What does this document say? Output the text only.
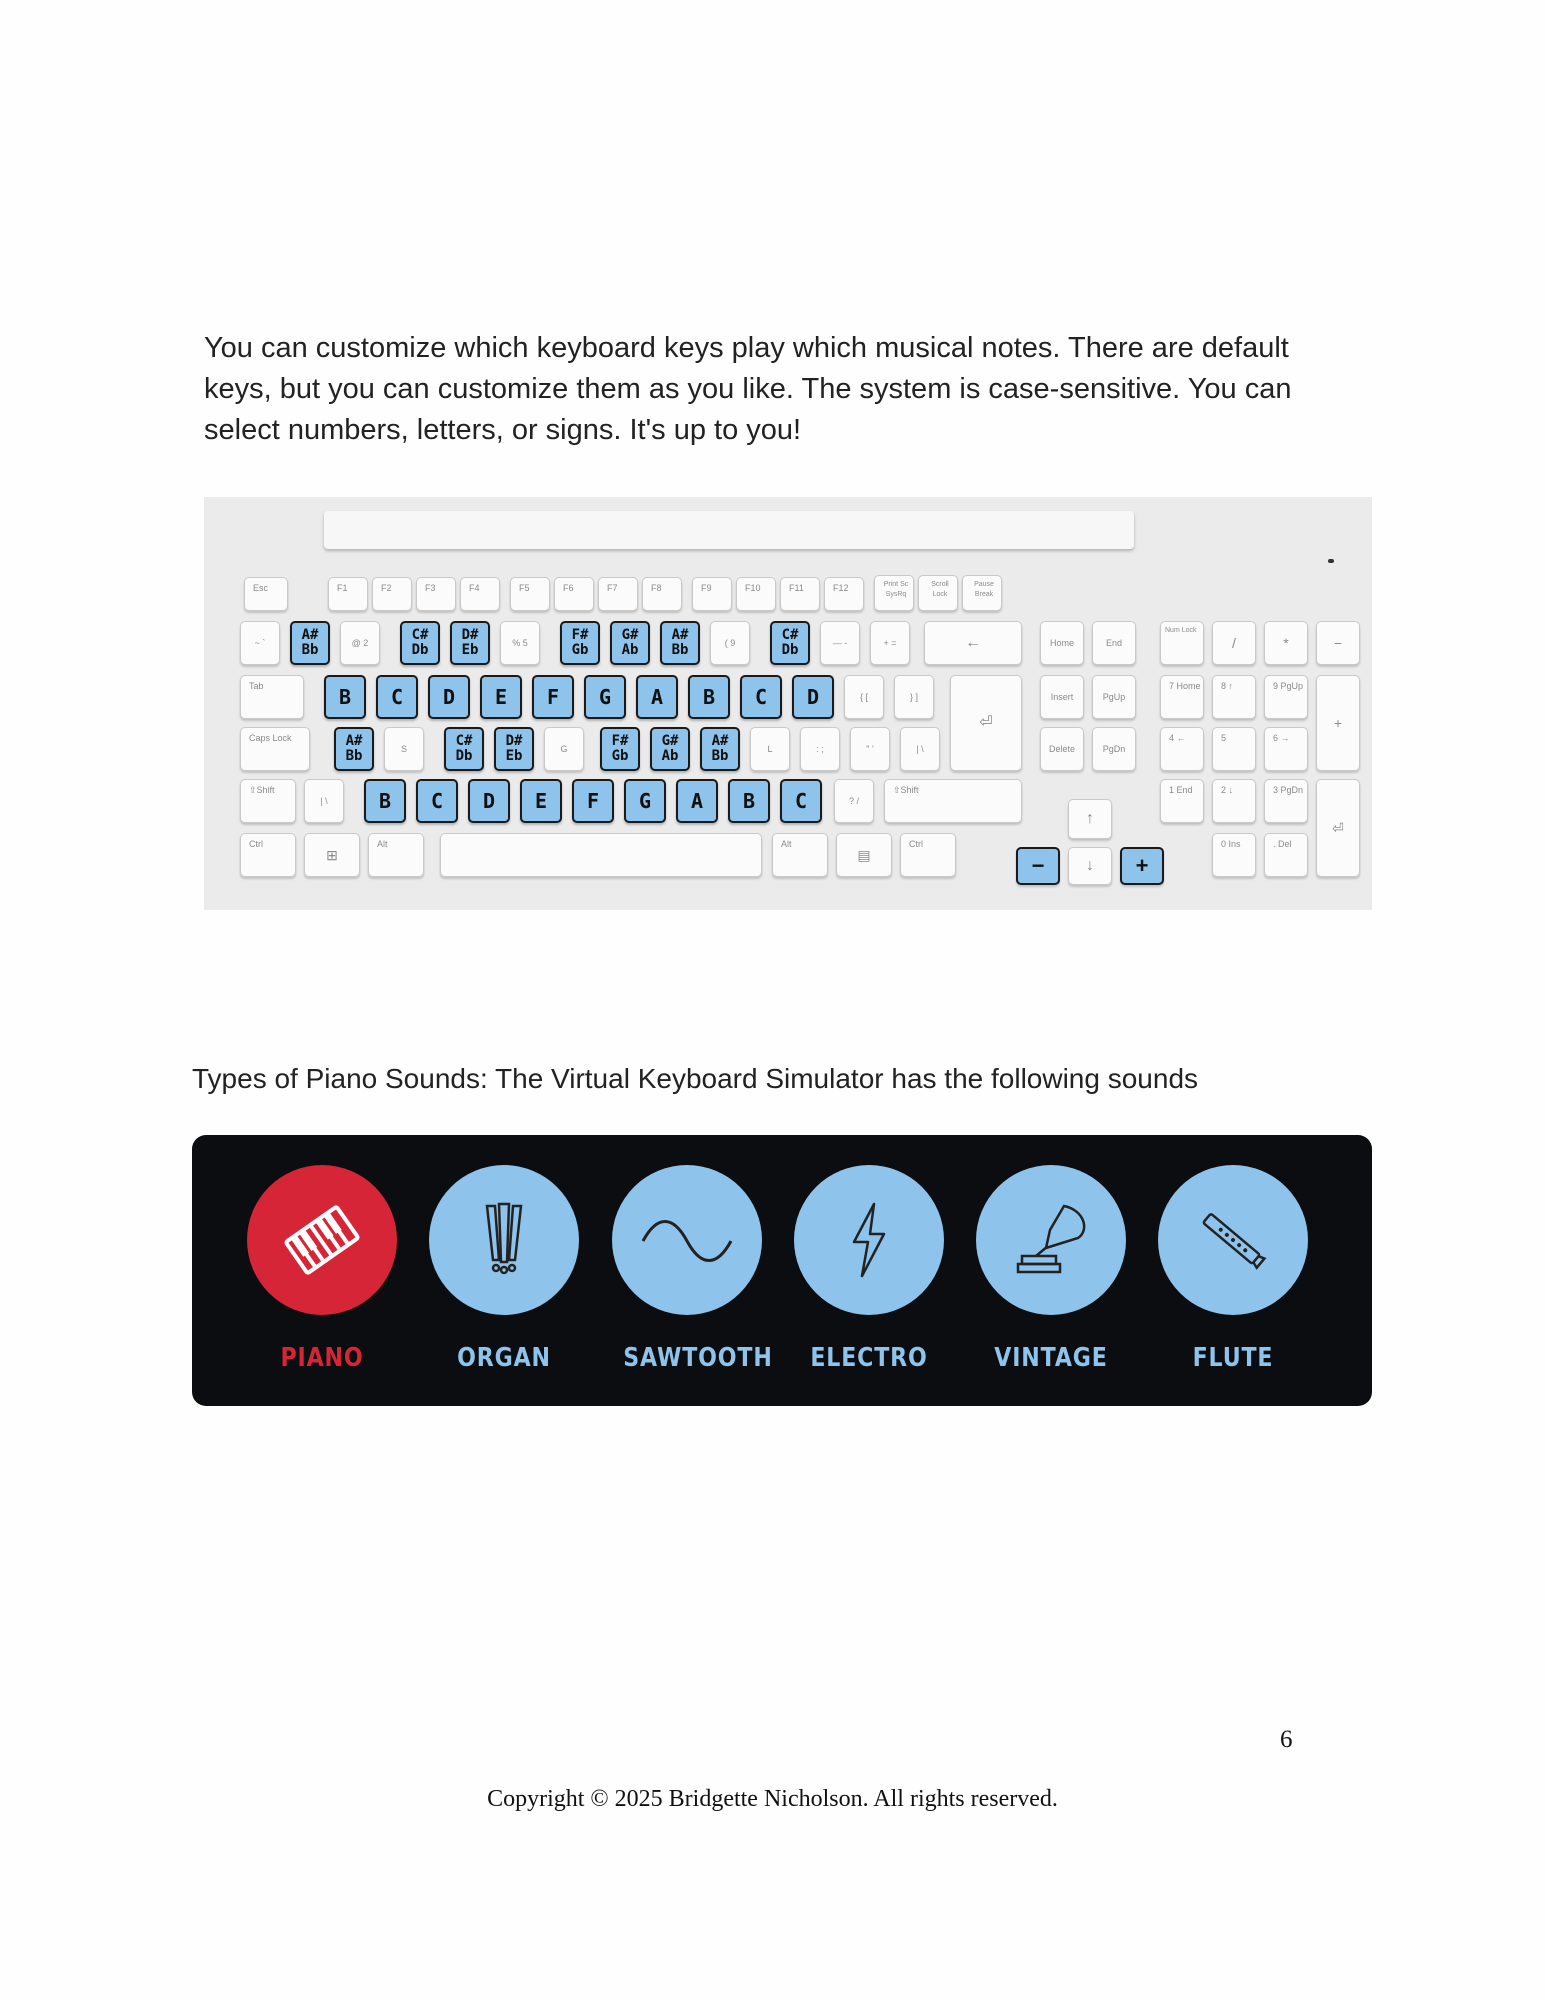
You can customize which keyboard keys play which musical notes. There are default
keys, but you can customize them as you like. The system is case-sensitive. You can
select numbers, letters, or signs. It's up to you!

Esc	F1	F2	F3	F4	F5	F6	F7	F8	F9	F10	F11	F12	Print Sc SysRq
Scroll Lock
Pause Break
~ `	A#
Bb	@ 2	C#
Db
D#
Eb	% 5	F#
Gb
G#
Ab
A#
Bb	( 9	C#
Db	— -	+ =	←
Tab	B	C	D	E	F	G	A	B	C	D	{ [	} ]
⏎
Caps Lock	A#
Bb	S	C#
Db
D#
Eb	G	F#
Gb
G#
Ab
A#
Bb	L	: ;	" '	| \
⇧Shift
| \	B	C	D	E	F	G	A	B	C	? /
⇧Shift
Ctrl
⊞
Alt	Alt
▤
Ctrl
Home	End
Insert	PgUp
Delete	PgDn
↑
−	↓	+
Num Lock
/	*	−
7 Home	8 ↑	9 PgUp
+
4 ←	5	6 →
1 End	2 ↓	3 PgDn
⏎
0 Ins	. Del

Types of Piano Sounds: The Virtual Keyboard Simulator has the following sounds

PIANO	ORGAN	SAWTOOTH ELECTRO	VINTAGE	FLUTE
6
Copyright © 2025 Bridgette Nicholson. All rights reserved.
